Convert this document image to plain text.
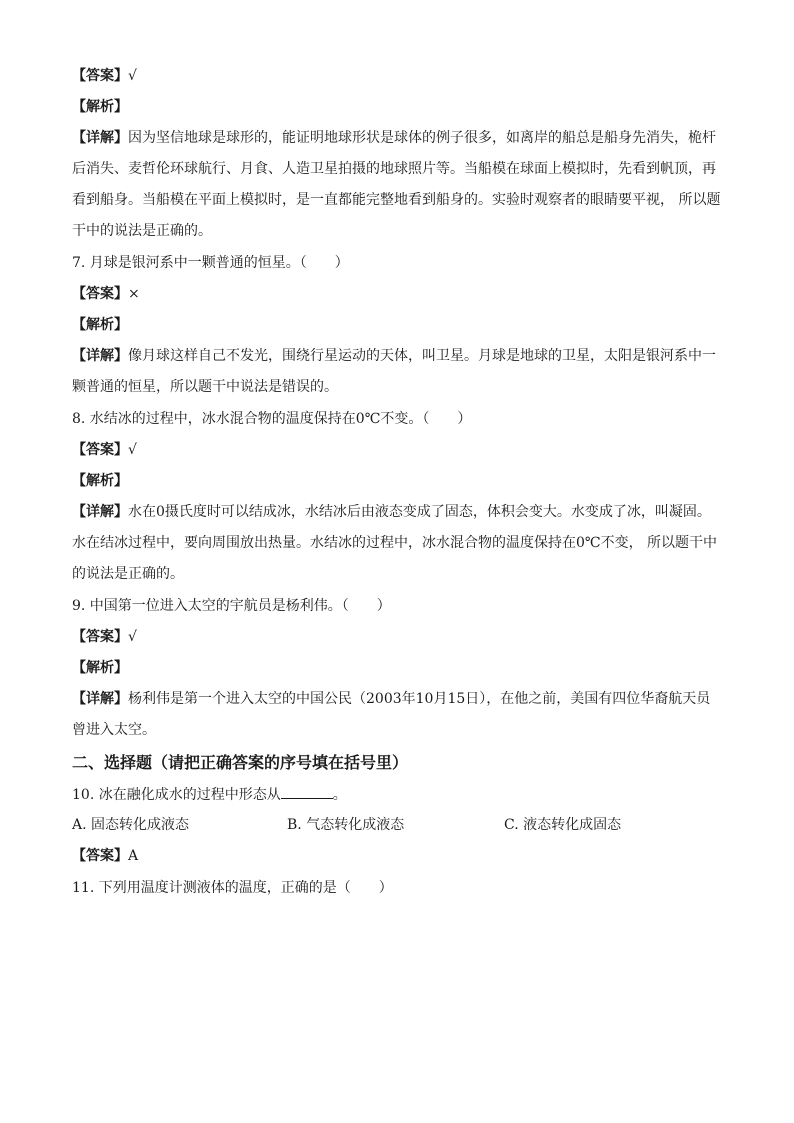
【答案】√
【解析】
【详解】因为坚信地球是球形的，能证明地球形状是球体的例子很多，如离岸的船总是船身先消失，桅杆后消失、麦哲伦环球航行、月食、人造卫星拍摄的地球照片等。当船模在球面上模拟时，先看到帆顶，再看到船身。当船模在平面上模拟时，是一直都能完整地看到船身的。实验时观察者的眼睛要平视， 所以题干中的说法是正确的。
7. 月球是银河系中一颗普通的恒星。（　　）
【答案】×
【解析】
【详解】像月球这样自己不发光，围绕行星运动的天体，叫卫星。月球是地球的卫星，太阳是银河系中一颗普通的恒星，所以题干中说法是错误的。
8. 水结冰的过程中，冰水混合物的温度保持在0℃不变。（　　）
【答案】√
【解析】
【详解】水在0摄氏度时可以结成冰，水结冰后由液态变成了固态，体积会变大。水变成了冰，叫凝固。水在结冰过程中，要向周围放出热量。水结冰的过程中，冰水混合物的温度保持在0℃不变， 所以题干中的说法是正确的。
9. 中国第一位进入太空的宇航员是杨利伟。（　　）
【答案】√
【解析】
【详解】杨利伟是第一个进入太空的中国公民（2003年10月15日），在他之前，美国有四位华裔航天员曾进入太空。
二、选择题（请把正确答案的序号填在括号里）
10. 冰在融化成水的过程中形态从	。
A. 固态转化成液态	B. 气态转化成液态	C. 液态转化成固态
【答案】A
11. 下列用温度计测液体的温度，正确的是（　　）
